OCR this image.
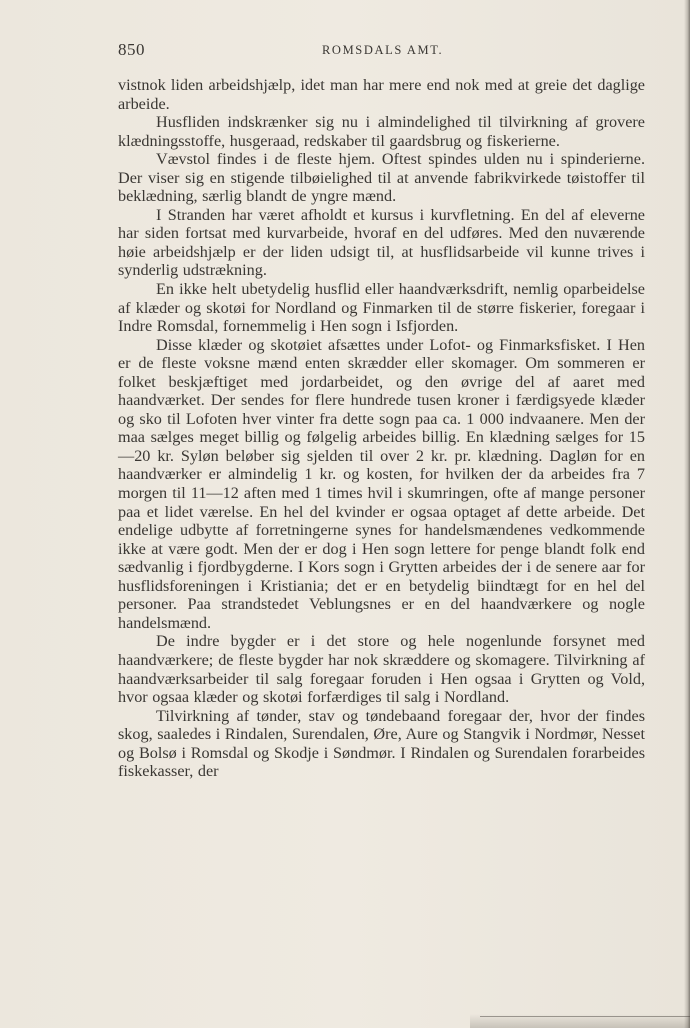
850	ROMSDALS AMT.

vistnok liden arbeidshjælp, idet man har mere end nok med at greie det daglige arbeide.

Husfliden indskrænker sig nu i almindelighed til tilvirkning af grovere klædningsstoffe, husgeraad, redskaber til gaardsbrug og fiskerierne.

Vævstol findes i de fleste hjem. Oftest spindes ulden nu i spinderierne. Der viser sig en stigende tilbøielighed til at anvende fabrikvirkede tøistoffer til beklædning, særlig blandt de yngre mænd.

I Stranden har været afholdt et kursus i kurvfletning. En del af eleverne har siden fortsat med kurvarbeide, hvoraf en del udføres. Med den nuværende høie arbeidshjælp er der liden udsigt til, at husflidsarbeide vil kunne trives i synderlig udstrækning.

En ikke helt ubetydelig husflid eller haandværksdrift, nemlig oparbeidelse af klæder og skotøi for Nordland og Finmarken til de større fiskerier, foregaar i Indre Romsdal, fornemmelig i Hen sogn i Isfjorden.

Disse klæder og skotøiet afsættes under Lofot- og Finmarksfisket. I Hen er de fleste voksne mænd enten skrædder eller skomager. Om sommeren er folket beskjæftiget med jordarbeidet, og den øvrige del af aaret med haandværket. Der sendes for flere hundrede tusen kroner i færdigsyede klæder og sko til Lofoten hver vinter fra dette sogn paa ca. 1 000 indvaanere. Men der maa sælges meget billig og følgelig arbeides billig. En klædning sælges for 15—20 kr. Syløn beløber sig sjelden til over 2 kr. pr. klædning. Dagløn for en haandværker er almindelig 1 kr. og kosten, for hvilken der da arbeides fra 7 morgen til 11—12 aften med 1 times hvil i skumringen, ofte af mange personer paa et lidet værelse. En hel del kvinder er ogsaa optaget af dette arbeide. Det endelige udbytte af forretningerne synes for handelsmændenes vedkommende ikke at være godt. Men der er dog i Hen sogn lettere for penge blandt folk end sædvanlig i fjordbygderne. I Kors sogn i Grytten arbeides der i de senere aar for husflidsforeningen i Kristiania; det er en betydelig biindtægt for en hel del personer. Paa strandstedet Veblungsnes er en del haandværkere og nogle handelsmænd.

De indre bygder er i det store og hele nogenlunde forsynet med haandværkere; de fleste bygder har nok skræddere og skomagere. Tilvirkning af haandværksarbeider til salg foregaar foruden i Hen ogsaa i Grytten og Vold, hvor ogsaa klæder og skotøi forfærdiges til salg i Nordland.

Tilvirkning af tønder, stav og tøndebaand foregaar der, hvor der findes skog, saaledes i Rindalen, Surendalen, Øre, Aure og Stangvik i Nordmør, Nesset og Bolsø i Romsdal og Skodje i Søndmør. I Rindalen og Surendalen forarbeides fiskekasser, der
